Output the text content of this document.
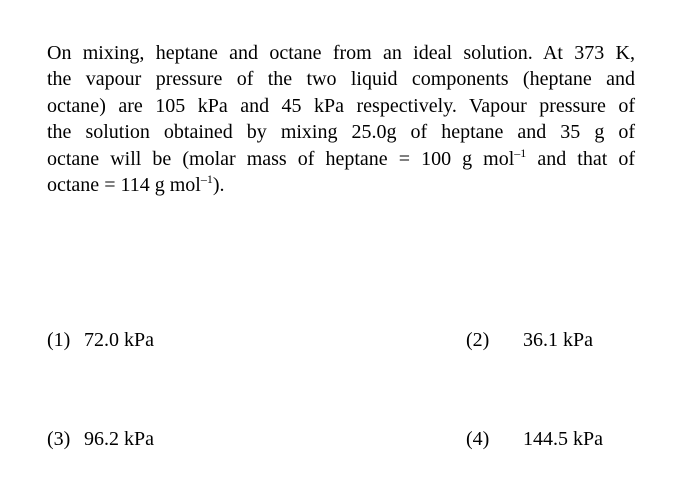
On mixing, heptane and octane from an ideal solution. At 373 K,
the vapour pressure of the two liquid components (heptane and
octane) are 105 kPa and 45 kPa respectively. Vapour pressure of
the solution obtained by mixing 25.0g of heptane and 35 g of
octane will be (molar mass of heptane = 100 g mol$^{-1}$ and that of
octane = 114 g mol$^{-1}$).
(1) 72.0 kPa	(2) 36.1 kPa
(3) 96.2 kPa	(4) 144.5 kPa
